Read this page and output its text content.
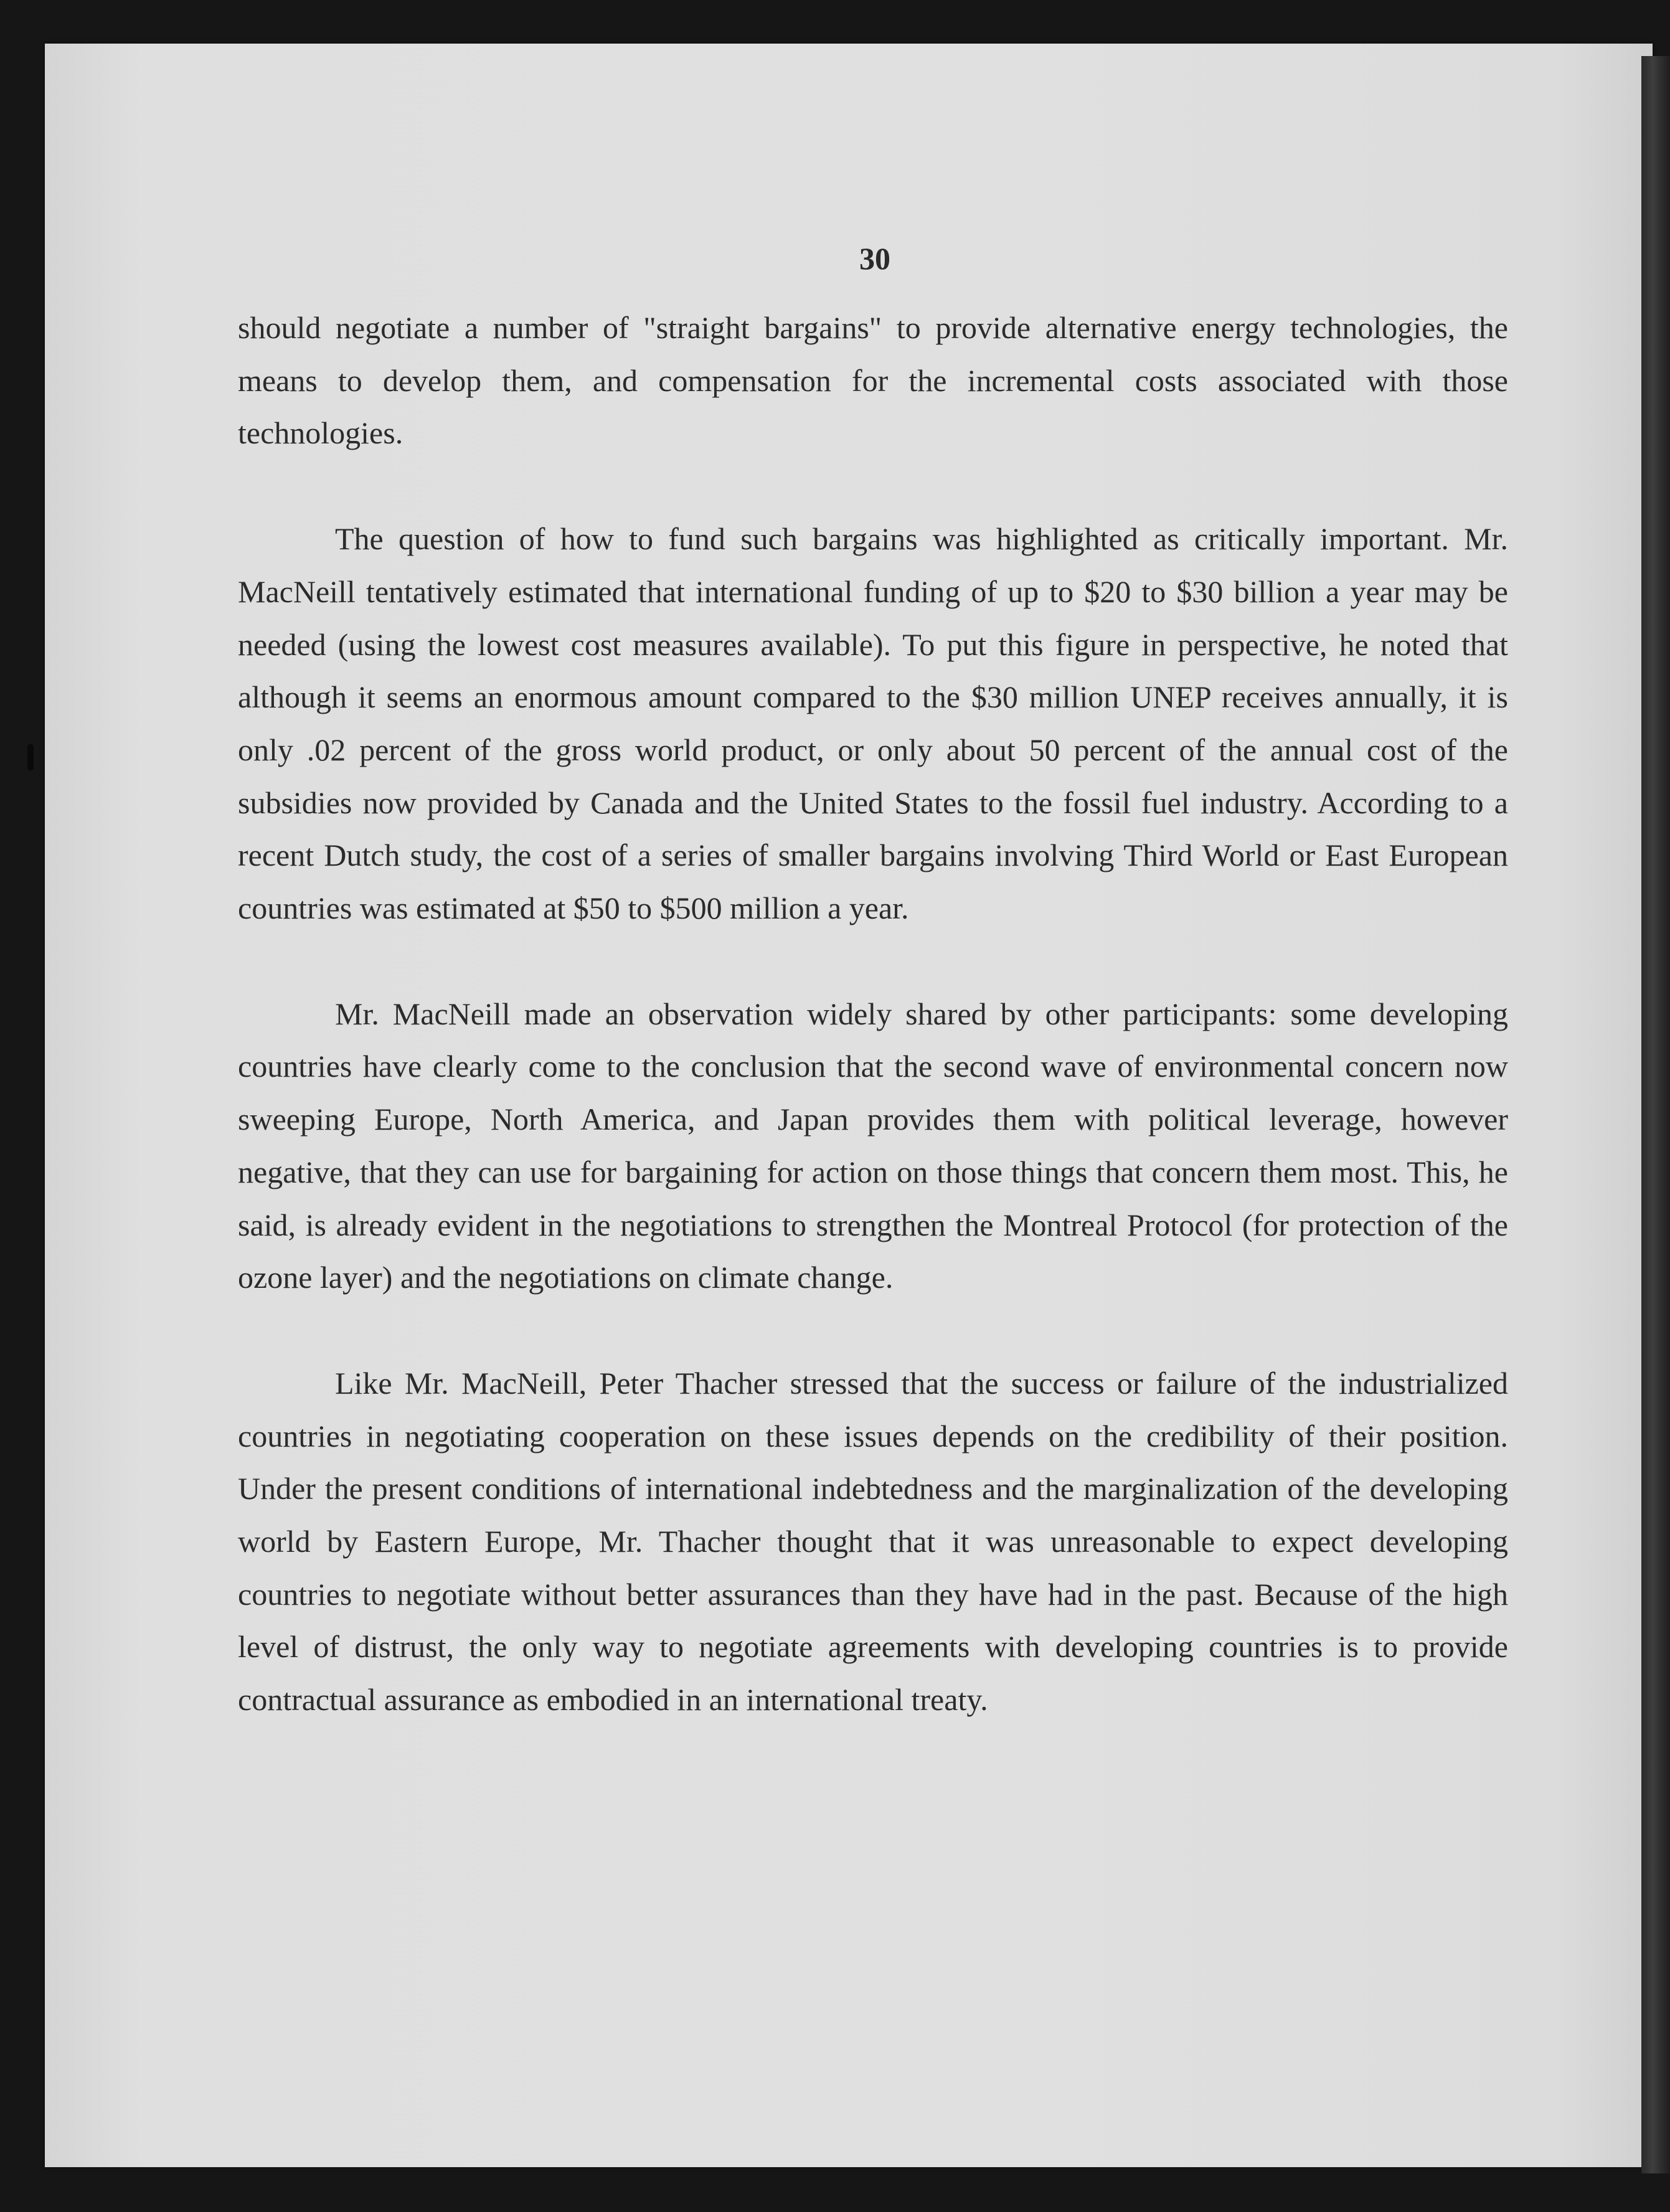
30

should negotiate a number of "straight bargains" to provide alternative energy technologies, the means to develop them, and compensation for the incremental costs associated with those technologies.

The question of how to fund such bargains was highlighted as critically important. Mr. MacNeill tentatively estimated that international funding of up to $20 to $30 billion a year may be needed (using the lowest cost measures available). To put this figure in perspective, he noted that although it seems an enormous amount compared to the $30 million UNEP receives annually, it is only .02 percent of the gross world product, or only about 50 percent of the annual cost of the subsidies now provided by Canada and the United States to the fossil fuel industry. According to a recent Dutch study, the cost of a series of smaller bargains involving Third World or East European countries was estimated at $50 to $500 million a year.

Mr. MacNeill made an observation widely shared by other participants: some developing countries have clearly come to the conclusion that the second wave of environmental concern now sweeping Europe, North America, and Japan provides them with political leverage, however negative, that they can use for bargaining for action on those things that concern them most. This, he said, is already evident in the negotiations to strengthen the Montreal Protocol (for protection of the ozone layer) and the negotiations on climate change.

Like Mr. MacNeill, Peter Thacher stressed that the success or failure of the industrialized countries in negotiating cooperation on these issues depends on the credibility of their position. Under the present conditions of international indebtedness and the marginalization of the developing world by Eastern Europe, Mr. Thacher thought that it was unreasonable to expect developing countries to negotiate without better assurances than they have had in the past. Because of the high level of distrust, the only way to negotiate agreements with developing countries is to provide contractual assurance as embodied in an international treaty.
